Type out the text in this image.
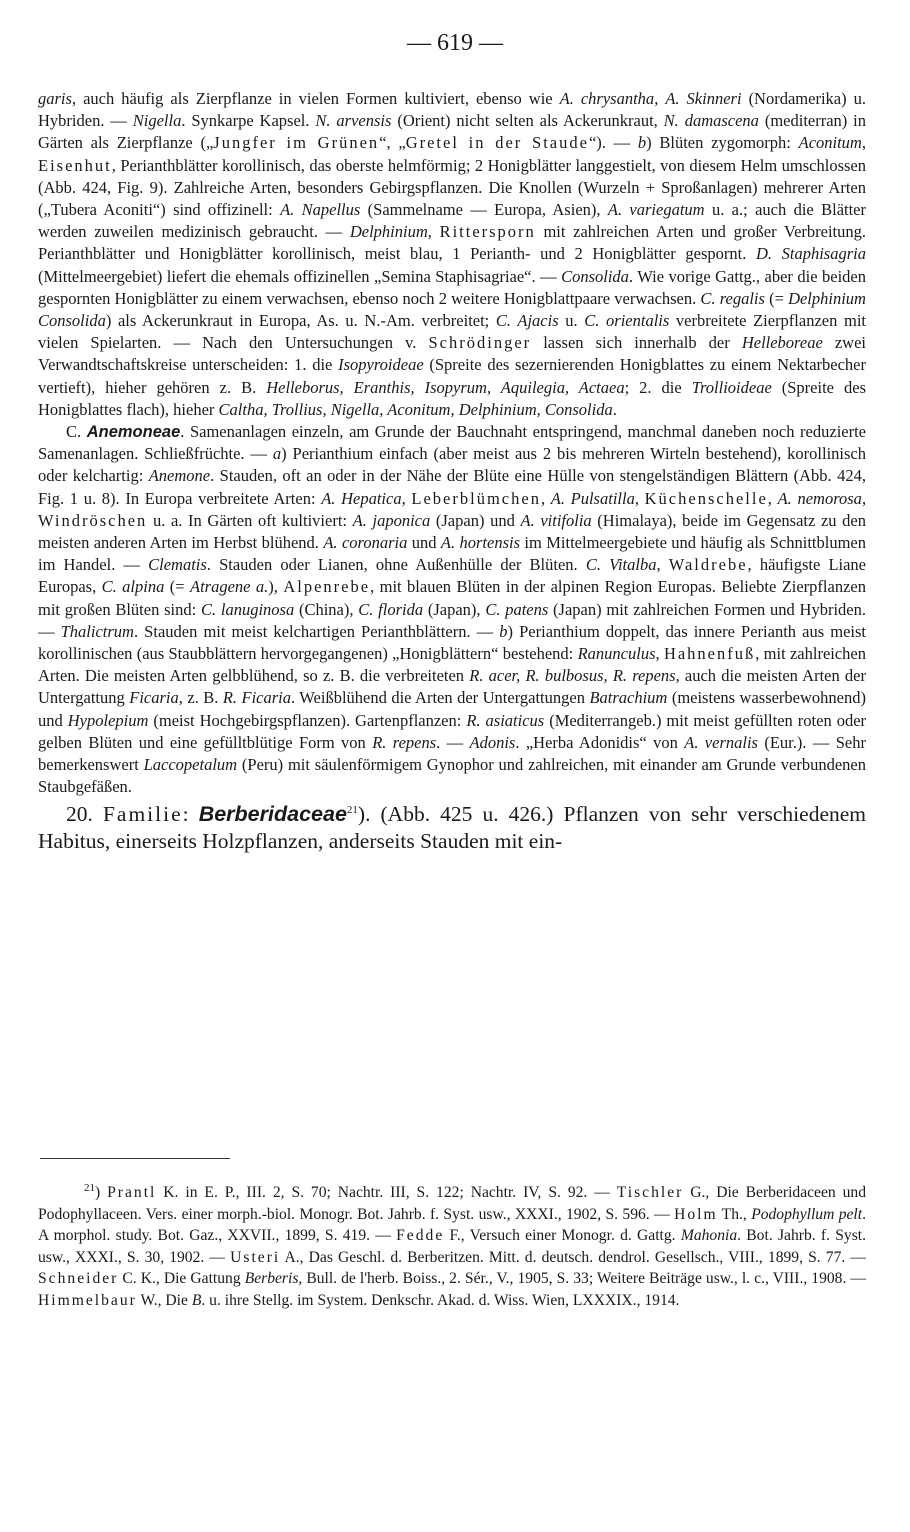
— 619 —

garis, auch häufig als Zierpflanze in vielen Formen kultiviert, ebenso wie A. chrysantha, A. Skinneri (Nordamerika) u. Hybriden. — Nigella. Synkarpe Kapsel. N. arvensis (Orient) nicht selten als Ackerunkraut, N. damascena (mediterran) in Gärten als Zierpflanze („Jungfer im Grünen“, „Gretel in der Staude“). — b) Blüten zygomorph: Aconitum, Eisenhut, Perianthblätter korollinisch, das oberste helmförmig; 2 Honigblätter langgestielt, von diesem Helm umschlossen (Abb. 424, Fig. 9). Zahlreiche Arten, besonders Gebirgspflanzen. Die Knollen (Wurzeln + Sproßanlagen) mehrerer Arten („Tubera Aconiti“) sind offizinell: A. Napellus (Sammelname — Europa, Asien), A. variegatum u. a.; auch die Blätter werden zuweilen medizinisch gebraucht. — Delphinium, Rittersporn mit zahlreichen Arten und großer Verbreitung. Perianthblätter und Honigblätter korollinisch, meist blau, 1 Perianth- und 2 Honigblätter gespornt. D. Staphisagria (Mittelmeergebiet) liefert die ehemals offizinellen „Semina Staphisagriae“. — Consolida. Wie vorige Gattg., aber die beiden gespornten Honigblätter zu einem verwachsen, ebenso noch 2 weitere Honigblattpaare verwachsen. C. regalis (= Delphinium Consolida) als Ackerunkraut in Europa, As. u. N.-Am. verbreitet; C. Ajacis u. C. orientalis verbreitete Zierpflanzen mit vielen Spielarten. — Nach den Untersuchungen v. Schrödinger lassen sich innerhalb der Helleboreae zwei Verwandtschaftskreise unterscheiden: 1. die Isopyroideae (Spreite des sezernierenden Honigblattes zu einem Nektarbecher vertieft), hieher gehören z. B. Helleborus, Eranthis, Isopyrum, Aquilegia, Actaea; 2. die Trollioideae (Spreite des Honigblattes flach), hieher Caltha, Trollius, Nigella, Aconitum, Delphinium, Consolida.

C. Anemoneae. Samenanlagen einzeln, am Grunde der Bauchnaht entspringend, manchmal daneben noch reduzierte Samenanlagen. Schließfrüchte. — a) Perianthium einfach (aber meist aus 2 bis mehreren Wirteln bestehend), korollinisch oder kelchartig: Anemone. Stauden, oft an oder in der Nähe der Blüte eine Hülle von stengelständigen Blättern (Abb. 424, Fig. 1 u. 8). In Europa verbreitete Arten: A. Hepatica, Leberblümchen, A. Pulsatilla, Küchenschelle, A. nemorosa, Windröschen u. a. In Gärten oft kultiviert: A. japonica (Japan) und A. vitifolia (Himalaya), beide im Gegensatz zu den meisten anderen Arten im Herbst blühend. A. coronaria und A. hortensis im Mittelmeergebiete und häufig als Schnittblumen im Handel. — Clematis. Stauden oder Lianen, ohne Außenhülle der Blüten. C. Vitalba, Waldrebe, häufigste Liane Europas, C. alpina (= Atragene a.), Alpenrebe, mit blauen Blüten in der alpinen Region Europas. Beliebte Zierpflanzen mit großen Blüten sind: C. lanuginosa (China), C. florida (Japan), C. patens (Japan) mit zahlreichen Formen und Hybriden. — Thalictrum. Stauden mit meist kelchartigen Perianthblättern. — b) Perianthium doppelt, das innere Perianth aus meist korollinischen (aus Staubblättern hervorgegangenen) „Honigblättern“ bestehend: Ranunculus, Hahnenfuß, mit zahlreichen Arten. Die meisten Arten gelbblühend, so z. B. die verbreiteten R. acer, R. bulbosus, R. repens, auch die meisten Arten der Untergattung Ficaria, z. B. R. Ficaria. Weißblühend die Arten der Untergattungen Batrachium (meistens wasserbewohnend) und Hypolepium (meist Hochgebirgspflanzen). Gartenpflanzen: R. asiaticus (Mediterrangeb.) mit meist gefüllten roten oder gelben Blüten und eine gefülltblütige Form von R. repens. — Adonis. „Herba Adonidis“ von A. vernalis (Eur.). — Sehr bemerkenswert Laccopetalum (Peru) mit säulenförmigem Gynophor und zahlreichen, mit einander am Grunde verbundenen Staubgefäßen.

20. Familie: Berberidaceae$^{21}$). (Abb. 425 u. 426.) Pflanzen von sehr verschiedenem Habitus, einerseits Holzpflanzen, anderseits Stauden mit ein-

$^{21}$) Prantl K. in E. P., III. 2, S. 70; Nachtr. III, S. 122; Nachtr. IV, S. 92. — Tischler G., Die Berberidaceen und Podophyllaceen. Vers. einer morph.-biol. Monogr. Bot. Jahrb. f. Syst. usw., XXXI., 1902, S. 596. — Holm Th., Podophyllum pelt. A morphol. study. Bot. Gaz., XXVII., 1899, S. 419. — Fedde F., Versuch einer Monogr. d. Gattg. Mahonia. Bot. Jahrb. f. Syst. usw., XXXI., S. 30, 1902. — Usteri A., Das Geschl. d. Berberitzen. Mitt. d. deutsch. dendrol. Gesellsch., VIII., 1899, S. 77. — Schneider C. K., Die Gattung Berberis, Bull. de l'herb. Boiss., 2. Sér., V., 1905, S. 33; Weitere Beiträge usw., l. c., VIII., 1908. — Himmelbaur W., Die B. u. ihre Stellg. im System. Denkschr. Akad. d. Wiss. Wien, LXXXIX., 1914.
